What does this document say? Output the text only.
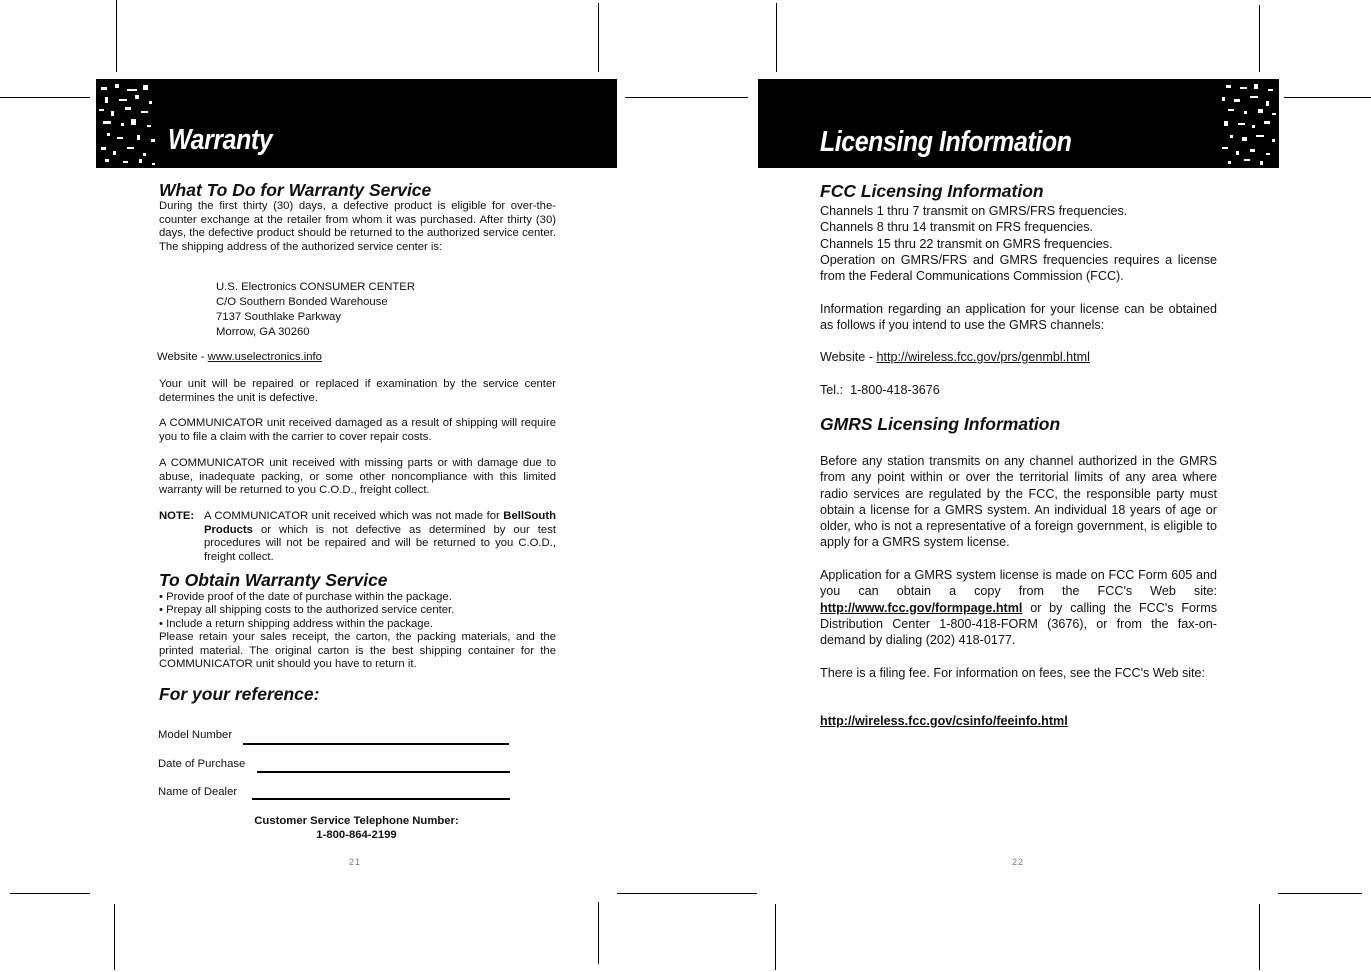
Warranty
What To Do for Warranty Service
During the first thirty (30) days, a defective product is eligible for over-the-counter exchange at the retailer from whom it was purchased. After thirty (30) days, the defective product should be returned to the authorized service center. The shipping address of the authorized service center is:
U.S. Electronics CONSUMER CENTER
C/O Southern Bonded Warehouse
7137 Southlake Parkway
Morrow, GA 30260
Website - www.uselectronics.info
Your unit will be repaired or replaced if examination by the service center determines the unit is defective.
A COMMUNICATOR unit received damaged as a result of shipping will require you to file a claim with the carrier to cover repair costs.
A COMMUNICATOR unit received with missing parts or with damage due to abuse, inadequate packing, or some other noncompliance with this limited warranty will be returned to you C.O.D., freight collect.
NOTE: A COMMUNICATOR unit received which was not made for BellSouth Products or which is not defective as determined by our test procedures will not be repaired and will be returned to you C.O.D., freight collect.
To Obtain Warranty Service
• Provide proof of the date of purchase within the package.
• Prepay all shipping costs to the authorized service center.
• Include a return shipping address within the package.
Please retain your sales receipt, the carton, the packing materials, and the printed material. The original carton is the best shipping container for the COMMUNICATOR unit should you have to return it.
For your reference:
Model Number
Date of Purchase
Name of Dealer
Customer Service Telephone Number:
1-800-864-2199
21
Licensing Information
FCC Licensing Information
Channels 1 thru 7 transmit on GMRS/FRS frequencies.
Channels 8 thru 14 transmit on FRS frequencies.
Channels 15 thru 22 transmit on GMRS frequencies.
Operation on GMRS/FRS and GMRS frequencies requires a license from the Federal Communications Commission (FCC).
Information regarding an application for your license can be obtained as follows if you intend to use the GMRS channels:
Website - http://wireless.fcc.gov/prs/genmbl.html
Tel.: 1-800-418-3676
GMRS Licensing Information
Before any station transmits on any channel authorized in the GMRS from any point within or over the territorial limits of any area where radio services are regulated by the FCC, the responsible party must obtain a license for a GMRS system. An individual 18 years of age or older, who is not a representative of a foreign government, is eligible to apply for a GMRS system license.
Application for a GMRS system license is made on FCC Form 605 and you can obtain a copy from the FCC's Web site: http://www.fcc.gov/formpage.html or by calling the FCC's Forms Distribution Center 1-800-418-FORM (3676), or from the fax-on-demand by dialing (202) 418-0177.
There is a filing fee. For information on fees, see the FCC's Web site:
http://wireless.fcc.gov/csinfo/feeinfo.html
22
